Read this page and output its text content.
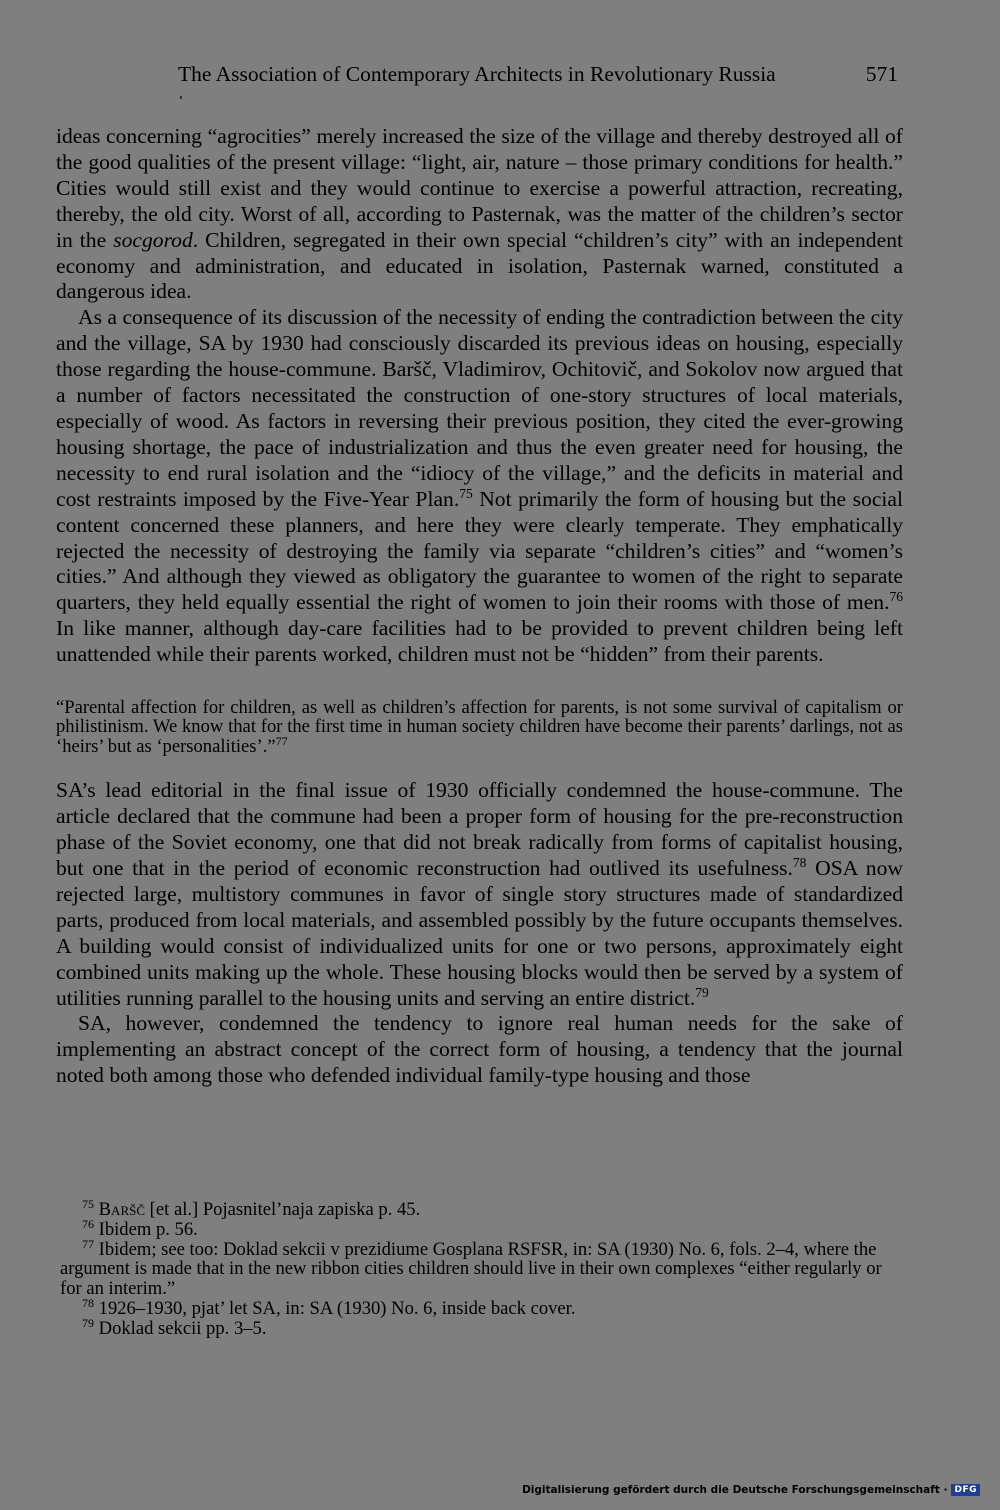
The Association of Contemporary Architects in Revolutionary Russia	571

ideas concerning “agrocities” merely increased the size of the village and thereby destroyed all of the good qualities of the present village: “light, air, nature – those primary conditions for health.” Cities would still exist and they would continue to exercise a powerful attraction, recreating, thereby, the old city. Worst of all, according to Pasternak, was the matter of the children’s sector in the socgorod. Children, segregated in their own special “children’s city” with an independent economy and administration, and educated in isolation, Pasternak warned, constituted a dangerous idea.

As a consequence of its discussion of the necessity of ending the contradiction between the city and the village, SA by 1930 had consciously discarded its previous ideas on housing, especially those regarding the house-commune. Baršč, Vladimirov, Ochitovič, and Sokolov now argued that a number of factors necessitated the construction of one-story structures of local materials, especially of wood. As factors in reversing their previous position, they cited the ever-growing housing shortage, the pace of industrialization and thus the even greater need for housing, the necessity to end rural isolation and the “idiocy of the village,” and the deficits in material and cost restraints imposed by the Five-Year Plan.$^{75}$ Not primarily the form of housing but the social content concerned these planners, and here they were clearly temperate. They emphatically rejected the necessity of destroying the family via separate “children’s cities” and “women’s cities.” And although they viewed as obligatory the guarantee to women of the right to separate quarters, they held equally essential the right of women to join their rooms with those of men.$^{76}$ In like manner, although day-care facilities had to be provided to prevent children being left unattended while their parents worked, children must not be “hidden” from their parents.

“Parental affection for children, as well as children’s affection for parents, is not some survival of capitalism or philistinism. We know that for the first time in human society children have become their parents’ darlings, not as ‘heirs’ but as ‘personalities’.”$^{77}$

SA’s lead editorial in the final issue of 1930 officially condemned the house-commune. The article declared that the commune had been a proper form of housing for the pre-reconstruction phase of the Soviet economy, one that did not break radically from forms of capitalist housing, but one that in the period of economic reconstruction had outlived its usefulness.$^{78}$ OSA now rejected large, multistory communes in favor of single story structures made of standardized parts, produced from local materials, and assembled possibly by the future occupants themselves. A building would consist of individualized units for one or two persons, approximately eight combined units making up the whole. These housing blocks would then be served by a system of utilities running parallel to the housing units and serving an entire district.$^{79}$

SA, however, condemned the tendency to ignore real human needs for the sake of implementing an abstract concept of the correct form of housing, a tendency that the journal noted both among those who defended individual family-type housing and those

$^{75}$ Baršč [et al.] Pojasnitel’naja zapiska p. 45.

$^{76}$ Ibidem p. 56.

$^{77}$ Ibidem; see too: Doklad sekcii v prezidiume Gosplana RSFSR, in: SA (1930) No. 6, fols. 2–4, where the argument is made that in the new ribbon cities children should live in their own complexes “either regularly or for an interim.”

$^{78}$ 1926–1930, pjat’ let SA, in: SA (1930) No. 6, inside back cover.

$^{79}$ Doklad sekcii pp. 3–5.

Digitalisierung gefördert durch die Deutsche Forschungsgemeinschaft · DFG
